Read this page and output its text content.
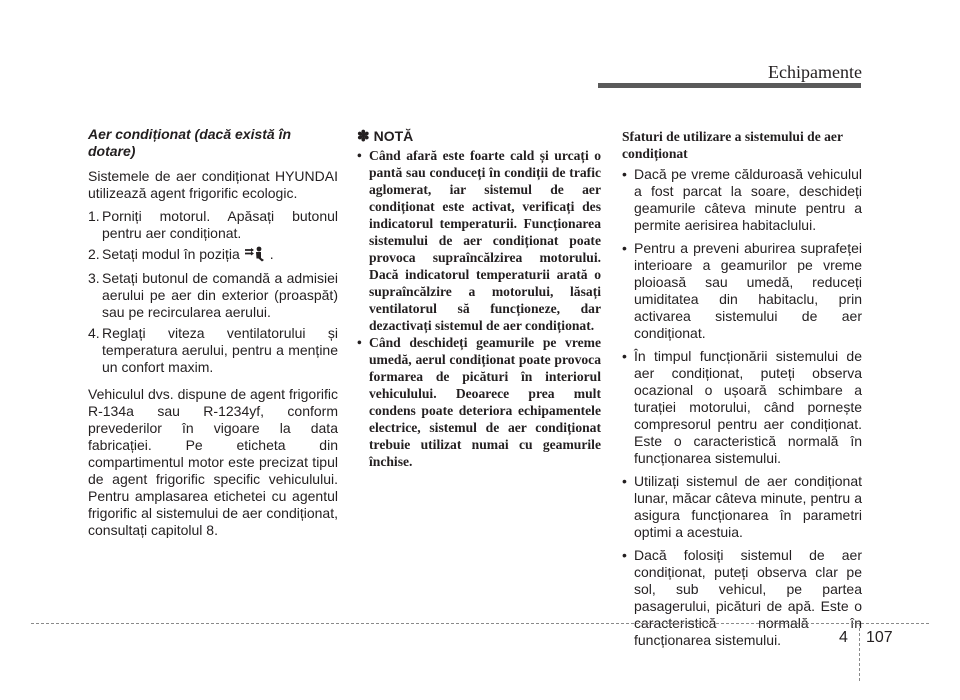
Echipamente
Aer condiționat (dacă există în dotare)

Sistemele de aer condiționat HYUNDAI utilizează agent frigorific ecologic.

1. Porniți motorul. Apăsați butonul pentru aer condiționat.
2. Setați modul în poziția .
3. Setați butonul de comandă a admisiei aerului pe aer din exterior (proaspăt) sau pe recircularea aerului.
4. Reglați viteza ventilatorului și temperatura aerului, pentru a menține un confort maxim.

Vehiculul dvs. dispune de agent frigorific R-134a sau R-1234yf, conform prevederilor în vigoare la data fabricației. Pe eticheta din compartimentul motor este precizat tipul de agent frigorific specific vehiculului. Pentru amplasarea etichetei cu agentul frigorific al sistemului de aer condiționat, consultați capitolul 8.

✽ NOTĂ
• Când afară este foarte cald și urcați o pantă sau conduceți în condiții de trafic aglomerat, iar sistemul de aer condiționat este activat, verificați des indicatorul temperaturii. Funcționarea sistemului de aer condiționat poate provoca supraîncălzirea motorului. Dacă indicatorul temperaturii arată o supraîncălzire a motorului, lăsați ventilatorul să funcționeze, dar dezactivați sistemul de aer condiționat.
• Când deschideți geamurile pe vreme umedă, aerul condiționat poate provoca formarea de picături în interiorul vehiculului. Deoarece prea mult condens poate deteriora echipamentele electrice, sistemul de aer condiționat trebuie utilizat numai cu geamurile închise.
Sfaturi de utilizare a sistemului de aer condiționat
• Dacă pe vreme călduroasă vehiculul a fost parcat la soare, deschideți geamurile câteva minute pentru a permite aerisirea habitaclului.
• Pentru a preveni aburirea suprafeței interioare a geamurilor pe vreme ploioasă sau umedă, reduceți umiditatea din habitaclu, prin activarea sistemului de aer condiționat.
• În timpul funcționării sistemului de aer condiționat, puteți observa ocazional o ușoară schimbare a turației motorului, când pornește compresorul pentru aer condiționat. Este o caracteristică normală în funcționarea sistemului.
• Utilizați sistemul de aer condiționat lunar, măcar câteva minute, pentru a asigura funcționarea în parametri optimi a acestuia.
• Dacă folosiți sistemul de aer condiționat, puteți observa clar pe sol, sub vehicul, pe partea pasagerului, picături de apă. Este o caracteristică normală în funcționarea sistemului.	4 107
